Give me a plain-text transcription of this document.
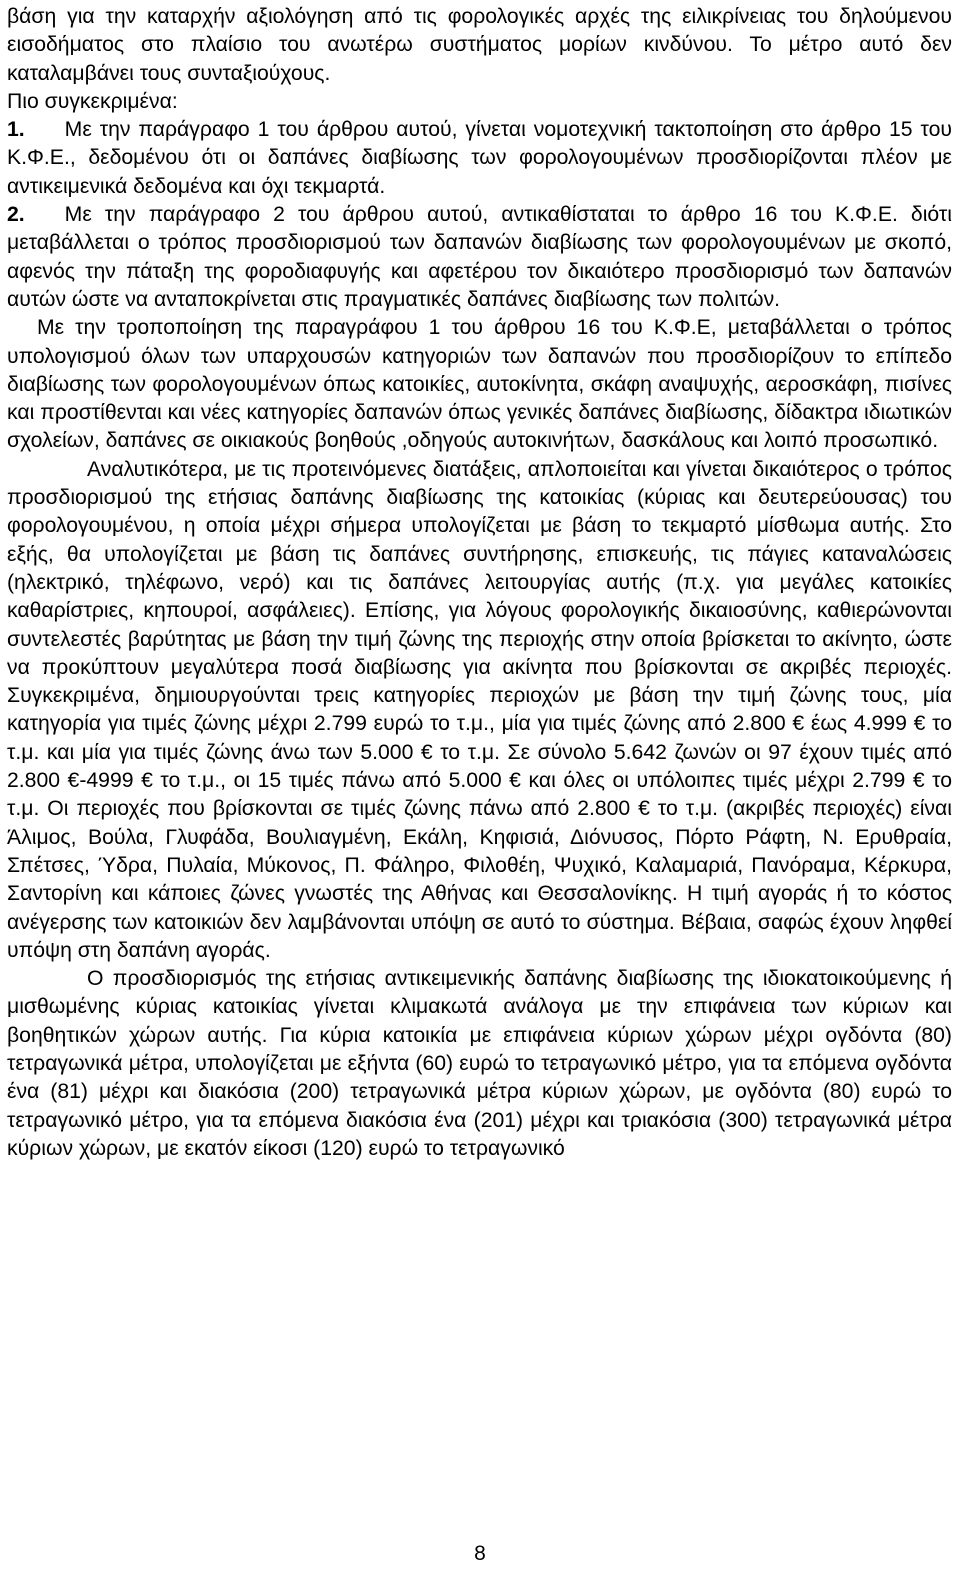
βάση για την καταρχήν αξιολόγηση από τις φορολογικές αρχές της ειλικρίνειας του δηλούμενου εισοδήματος στο πλαίσιο του ανωτέρω συστήματος μορίων κινδύνου. Το μέτρο αυτό δεν καταλαμβάνει τους συνταξιούχους.

Πιο συγκεκριμένα:

1. Με την παράγραφο 1 του άρθρου αυτού, γίνεται νομοτεχνική τακτοποίηση στο άρθρο 15 του Κ.Φ.Ε., δεδομένου ότι οι δαπάνες διαβίωσης των φορολογουμένων προσδιορίζονται πλέον με αντικειμενικά δεδομένα και όχι τεκμαρτά.

2. Με την παράγραφο 2 του άρθρου αυτού, αντικαθίσταται το άρθρο 16 του Κ.Φ.Ε. διότι μεταβάλλεται ο τρόπος προσδιορισμού των δαπανών διαβίωσης των φορολογουμένων με σκοπό, αφενός την πάταξη της φοροδιαφυγής και αφετέρου τον δικαιότερο προσδιορισμό των δαπανών αυτών ώστε να ανταποκρίνεται στις πραγματικές δαπάνες διαβίωσης των πολιτών.

Με την τροποποίηση της παραγράφου 1 του άρθρου 16 του Κ.Φ.Ε, μεταβάλλεται ο τρόπος υπολογισμού όλων των υπαρχουσών κατηγοριών των δαπανών που προσδιορίζουν το επίπεδο διαβίωσης των φορολογουμένων όπως κατοικίες, αυτοκίνητα, σκάφη αναψυχής, αεροσκάφη, πισίνες και προστίθενται και νέες κατηγορίες δαπανών όπως γενικές δαπάνες διαβίωσης, δίδακτρα ιδιωτικών σχολείων, δαπάνες σε οικιακούς βοηθούς ,οδηγούς αυτοκινήτων, δασκάλους και λοιπό προσωπικό.

Αναλυτικότερα, με τις προτεινόμενες διατάξεις, απλοποιείται και γίνεται δικαιότερος ο τρόπος προσδιορισμού της ετήσιας δαπάνης διαβίωσης της κατοικίας (κύριας και δευτερεύουσας) του φορολογουμένου, η οποία μέχρι σήμερα υπολογίζεται με βάση το τεκμαρτό μίσθωμα αυτής. Στο εξής, θα υπολογίζεται με βάση τις δαπάνες συντήρησης, επισκευής, τις πάγιες καταναλώσεις (ηλεκτρικό, τηλέφωνο, νερό) και τις δαπάνες λειτουργίας αυτής (π.χ. για μεγάλες κατοικίες καθαρίστριες, κηπουροί, ασφάλειες). Επίσης, για λόγους φορολογικής δικαιοσύνης, καθιερώνονται συντελεστές βαρύτητας με βάση την τιμή ζώνης της περιοχής στην οποία βρίσκεται το ακίνητο, ώστε να προκύπτουν μεγαλύτερα ποσά διαβίωσης για ακίνητα που βρίσκονται σε ακριβές περιοχές. Συγκεκριμένα, δημιουργούνται τρεις κατηγορίες περιοχών με βάση την τιμή ζώνης τους, μία κατηγορία για τιμές ζώνης μέχρι 2.799 ευρώ το τ.μ., μία για τιμές ζώνης από 2.800 € έως 4.999 € το τ.μ. και μία για τιμές ζώνης άνω των 5.000 € το τ.μ. Σε σύνολο 5.642 ζωνών οι 97 έχουν τιμές από 2.800 €-4999 € το τ.μ., οι 15 τιμές πάνω από 5.000 € και όλες οι υπόλοιπες τιμές μέχρι 2.799 € το τ.μ. Οι περιοχές που βρίσκονται σε τιμές ζώνης πάνω από 2.800 € το τ.μ. (ακριβές περιοχές) είναι Άλιμος, Βούλα, Γλυφάδα, Βουλιαγμένη, Εκάλη, Κηφισιά, Διόνυσος, Πόρτο Ράφτη, Ν. Ερυθραία, Σπέτσες, Ύδρα, Πυλαία, Μύκονος, Π. Φάληρο, Φιλοθέη, Ψυχικό, Καλαμαριά, Πανόραμα, Κέρκυρα, Σαντορίνη και κάποιες ζώνες γνωστές της Αθήνας και Θεσσαλονίκης. Η τιμή αγοράς ή το κόστος ανέγερσης των κατοικιών δεν λαμβάνονται υπόψη σε αυτό το σύστημα. Βέβαια, σαφώς έχουν ληφθεί υπόψη στη δαπάνη αγοράς.

Ο προσδιορισμός της ετήσιας αντικειμενικής δαπάνης διαβίωσης της ιδιοκατοικούμενης ή μισθωμένης κύριας κατοικίας γίνεται κλιμακωτά ανάλογα με την επιφάνεια των κύριων και βοηθητικών χώρων αυτής. Για κύρια κατοικία με επιφάνεια κύριων χώρων μέχρι ογδόντα (80) τετραγωνικά μέτρα, υπολογίζεται με εξήντα (60) ευρώ το τετραγωνικό μέτρο, για τα επόμενα ογδόντα ένα (81) μέχρι και διακόσια (200) τετραγωνικά μέτρα κύριων χώρων, με ογδόντα (80) ευρώ το τετραγωνικό μέτρο, για τα επόμενα διακόσια ένα (201) μέχρι και τριακόσια (300) τετραγωνικά μέτρα κύριων χώρων, με εκατόν είκοσι (120) ευρώ το τετραγωνικό

8
